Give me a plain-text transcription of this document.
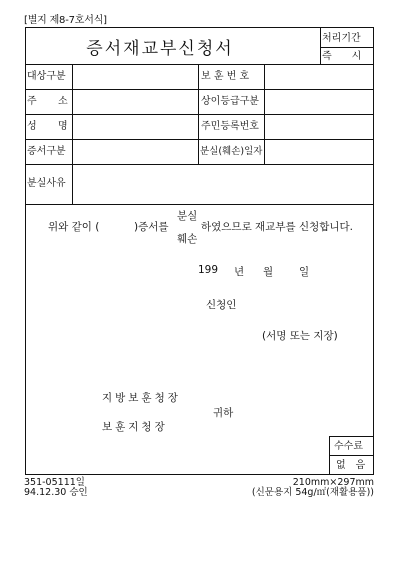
[별지 제8-7호서식]
증서재교부신청서
처리기간
즉　　시
대상구분	보 훈 번 호
주 소	상이등급구분
성 명	주민등록번호
증서구분	분실(훼손)일자
분실사유
위와 같이 (	)증서를
분실
훼손
하였으므로 재교부를 신청합니다.
199 년 월 일
신청인
(서명 또는 지장)
지방보훈청장
귀하
보훈지청장
수수료
없　음
351-05111일
94.12.30 승인
210mm×297mm
(신문용지 54g/㎡(재활용품))
